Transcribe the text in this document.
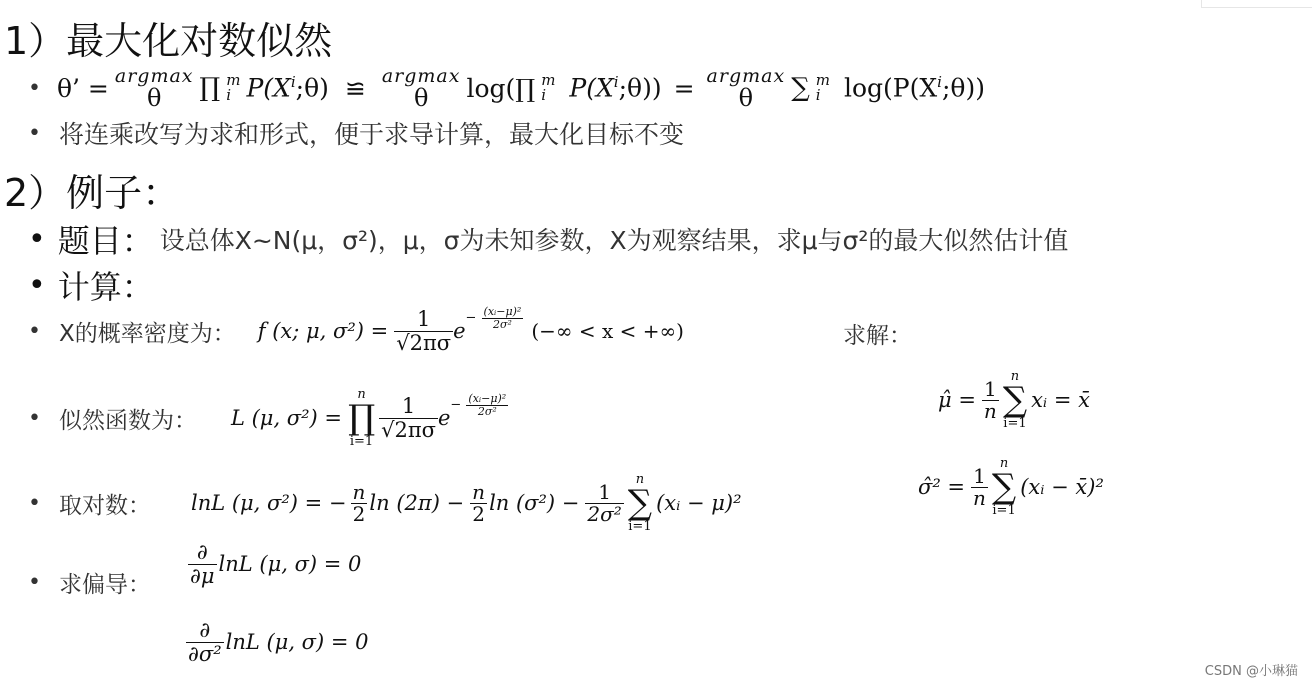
1）最大化对数似然
• θ’ = argmax
θ	∏ m
i $P(X^i;\theta)$ ≌ argmax
θ	log(∏ m
i $P(X^i;\theta)) = argmax$
θ	∑ m
i $\log(P(X^i;\theta))$
• 将连乘改写为求和形式，便于求导计算，最大化目标不变
2）例子：
• 题目： 设总体X~N(μ，σ²)，μ，σ为未知参数，X为观察结果，求μ与σ²的最大似然估计值
• 计算：
• X的概率密度为： f (x; μ, $\sigma^2) = \frac{1}{√2\pi\sigma}$ e
− $\frac{\text{(xᵢ−μ)²}}{\text{2σ²}}$
(−∞ < x < +∞)	求解：
• 似然函数为： L (μ, σ²) =
n
∏
i=1
$\frac{1}{√2\pi\sigma}$ e
− $\frac{\text{(xᵢ−μ)²}}{\text{2σ²}}$	μ̂ = $\frac{1}{n}$
n
∑
i=1
xᵢ = x̄
• 取对数： lnL (μ, σ²) = − $\frac{n}{2}$ $\ln (2\pi) - \frac{n}{2}$ $\ln (\sigma^2) - \frac{1}{\text{2σ²}}$
n
∑
i=1
(xᵢ − μ)²
σ̂² = $\frac{1}{n}$
n
∑
i=1
(xᵢ − x̄)²
• 求偏导： $\frac{\partial}{\partial\mu}$ lnL (μ, σ) = 0
$\frac{\partial}{\text{∂σ²}}$ lnL (μ, σ) = 0
CSDN @小琳猫
